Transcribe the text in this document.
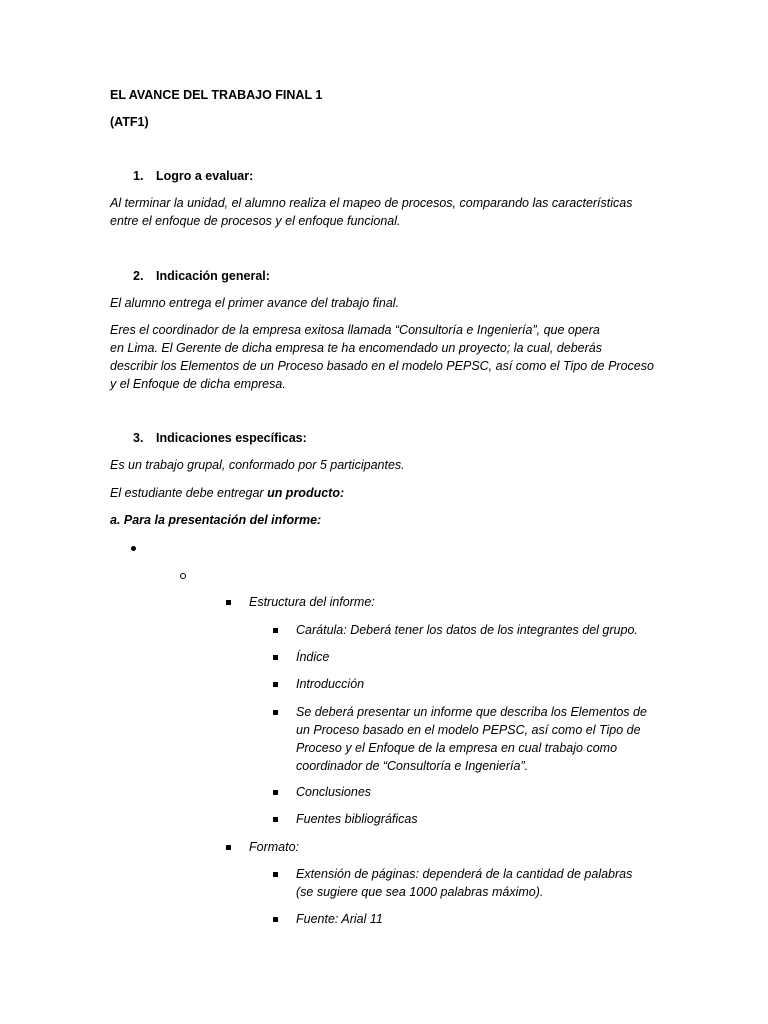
EL AVANCE DEL TRABAJO FINAL 1
(ATF1)
1. Logro a evaluar:
Al terminar la unidad, el alumno realiza el mapeo de procesos, comparando las características
entre el enfoque de procesos y el enfoque funcional.
2. Indicación general:
El alumno entrega el primer avance del trabajo final.
Eres el coordinador de la empresa exitosa llamada “Consultoría e Ingeniería”, que opera
en Lima. El Gerente de dicha empresa te ha encomendado un proyecto; la cual, deberás
describir los Elementos de un Proceso basado en el modelo PEPSC, así como el Tipo de Proceso
y el Enfoque de dicha empresa.
3. Indicaciones específicas:
Es un trabajo grupal, conformado por 5 participantes.
El estudiante debe entregar un producto:
a. Para la presentación del informe:
Estructura del informe:
Carátula: Deberá tener los datos de los integrantes del grupo.
Índice
Introducción
Se deberá presentar un informe que describa los Elementos de
un Proceso basado en el modelo PEPSC, así como el Tipo de
Proceso y el Enfoque de la empresa en cual trabajo como
coordinador de “Consultoría e Ingeniería”.
Conclusiones
Fuentes bibliográficas
Formato:
Extensión de páginas: dependerá de la cantidad de palabras
(se sugiere que sea 1000 palabras máximo).
Fuente: Arial 11
